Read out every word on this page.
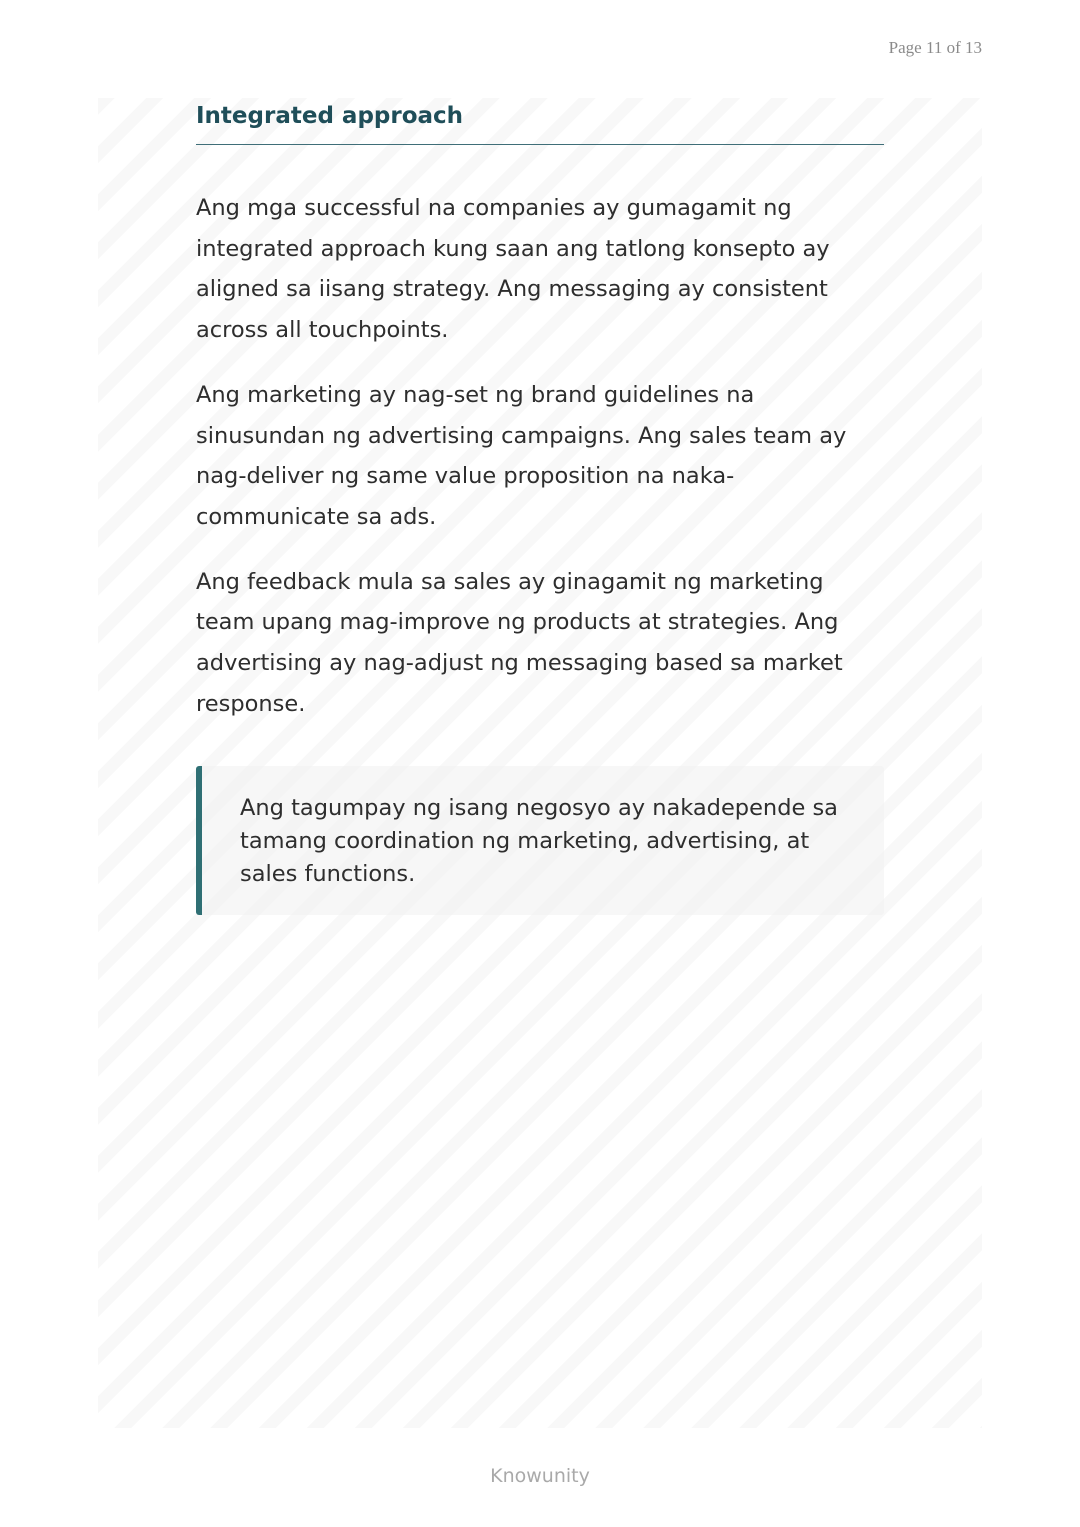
Page 11 of 13
Integrated approach

Ang mga successful na companies ay gumagamit ng integrated approach kung saan ang tatlong konsepto ay aligned sa iisang strategy. Ang messaging ay consistent across all touchpoints.

Ang marketing ay nag-set ng brand guidelines na sinusundan ng advertising campaigns. Ang sales team ay nag-deliver ng same value proposition na naka-communicate sa ads.

Ang feedback mula sa sales ay ginagamit ng marketing team upang mag-improve ng products at strategies. Ang advertising ay nag-adjust ng messaging based sa market response.

Ang tagumpay ng isang negosyo ay nakadepende sa tamang coordination ng marketing, advertising, at sales functions.

Knowunity
